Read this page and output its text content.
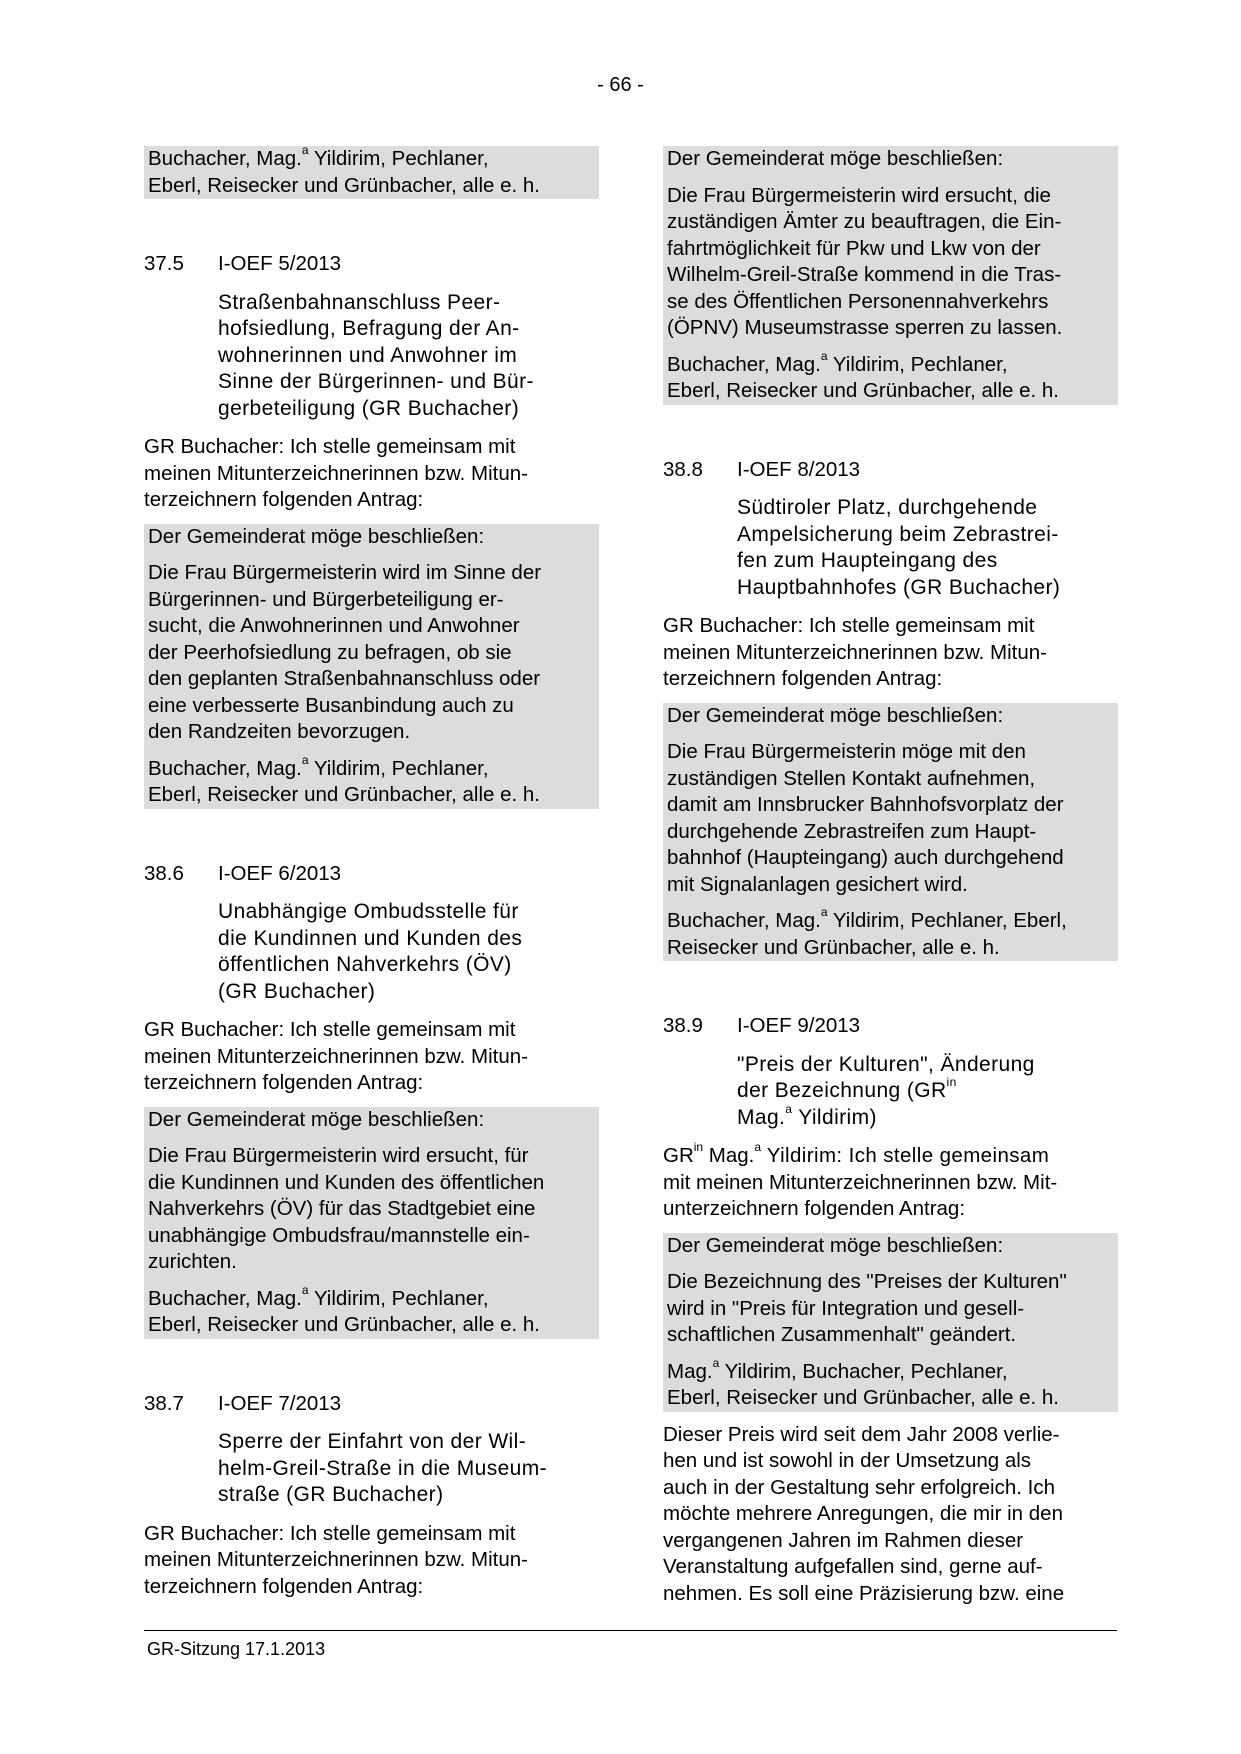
- 66 -

Buchacher, Mag.$^a$ Yildirim, Pechlaner,

Eberl, Reisecker und Grünbacher, alle e. h.

37.5	I-OEF 5/2013

Straßenbahnanschluss Peer-

hofsiedlung, Befragung der An-

wohnerinnen und Anwohner im

Sinne der Bürgerinnen- und Bür-

gerbeteiligung (GR Buchacher)

GR Buchacher: Ich stelle gemeinsam mit

meinen Mitunterzeichnerinnen bzw. Mitun-

terzeichnern folgenden Antrag:

Der Gemeinderat möge beschließen:

Die Frau Bürgermeisterin wird im Sinne der

Bürgerinnen- und Bürgerbeteiligung er-

sucht, die Anwohnerinnen und Anwohner

der Peerhofsiedlung zu befragen, ob sie

den geplanten Straßenbahnanschluss oder

eine verbesserte Busanbindung auch zu

den Randzeiten bevorzugen.

Buchacher, Mag.$^a$ Yildirim, Pechlaner,

Eberl, Reisecker und Grünbacher, alle e. h.

38.6	I-OEF 6/2013

Unabhängige Ombudsstelle für

die Kundinnen und Kunden des

öffentlichen Nahverkehrs (ÖV)

(GR Buchacher)

GR Buchacher: Ich stelle gemeinsam mit

meinen Mitunterzeichnerinnen bzw. Mitun-

terzeichnern folgenden Antrag:

Der Gemeinderat möge beschließen:

Die Frau Bürgermeisterin wird ersucht, für

die Kundinnen und Kunden des öffentlichen

Nahverkehrs (ÖV) für das Stadtgebiet eine

unabhängige Ombudsfrau/mannstelle ein-

zurichten.

Buchacher, Mag.$^a$ Yildirim, Pechlaner,

Eberl, Reisecker und Grünbacher, alle e. h.

38.7	I-OEF 7/2013

Sperre der Einfahrt von der Wil-

helm-Greil-Straße in die Museum-

straße (GR Buchacher)

GR Buchacher: Ich stelle gemeinsam mit

meinen Mitunterzeichnerinnen bzw. Mitun-

terzeichnern folgenden Antrag:

Der Gemeinderat möge beschließen:

Die Frau Bürgermeisterin wird ersucht, die

zuständigen Ämter zu beauftragen, die Ein-

fahrtmöglichkeit für Pkw und Lkw von der

Wilhelm-Greil-Straße kommend in die Tras-

se des Öffentlichen Personennahverkehrs

(ÖPNV) Museumstrasse sperren zu lassen.

Buchacher, Mag.$^a$ Yildirim, Pechlaner,

Eberl, Reisecker und Grünbacher, alle e. h.

38.8	I-OEF 8/2013

Südtiroler Platz, durchgehende

Ampelsicherung beim Zebrastrei-

fen zum Haupteingang des

Hauptbahnhofes (GR Buchacher)

GR Buchacher: Ich stelle gemeinsam mit

meinen Mitunterzeichnerinnen bzw. Mitun-

terzeichnern folgenden Antrag:

Der Gemeinderat möge beschließen:

Die Frau Bürgermeisterin möge mit den

zuständigen Stellen Kontakt aufnehmen,

damit am Innsbrucker Bahnhofsvorplatz der

durchgehende Zebrastreifen zum Haupt-

bahnhof (Haupteingang) auch durchgehend

mit Signalanlagen gesichert wird.

Buchacher, Mag.$^a$ Yildirim, Pechlaner, Eberl,

Reisecker und Grünbacher, alle e. h.

38.9	I-OEF 9/2013

"Preis der Kulturen", Änderung

der Bezeichnung ($GR^{in}$

Mag.$^a$ Yildirim)

$GR^{in}$ Mag.$^a$ Yildirim: Ich stelle gemeinsam

mit meinen Mitunterzeichnerinnen bzw. Mit-

unterzeichnern folgenden Antrag:

Der Gemeinderat möge beschließen:

Die Bezeichnung des "Preises der Kulturen"

wird in "Preis für Integration und gesell-

schaftlichen Zusammenhalt" geändert.

Mag.$^a$ Yildirim, Buchacher, Pechlaner,

Eberl, Reisecker und Grünbacher, alle e. h.

Dieser Preis wird seit dem Jahr 2008 verlie-

hen und ist sowohl in der Umsetzung als

auch in der Gestaltung sehr erfolgreich. Ich

möchte mehrere Anregungen, die mir in den

vergangenen Jahren im Rahmen dieser

Veranstaltung aufgefallen sind, gerne auf-

nehmen. Es soll eine Präzisierung bzw. eine

GR-Sitzung 17.1.2013
